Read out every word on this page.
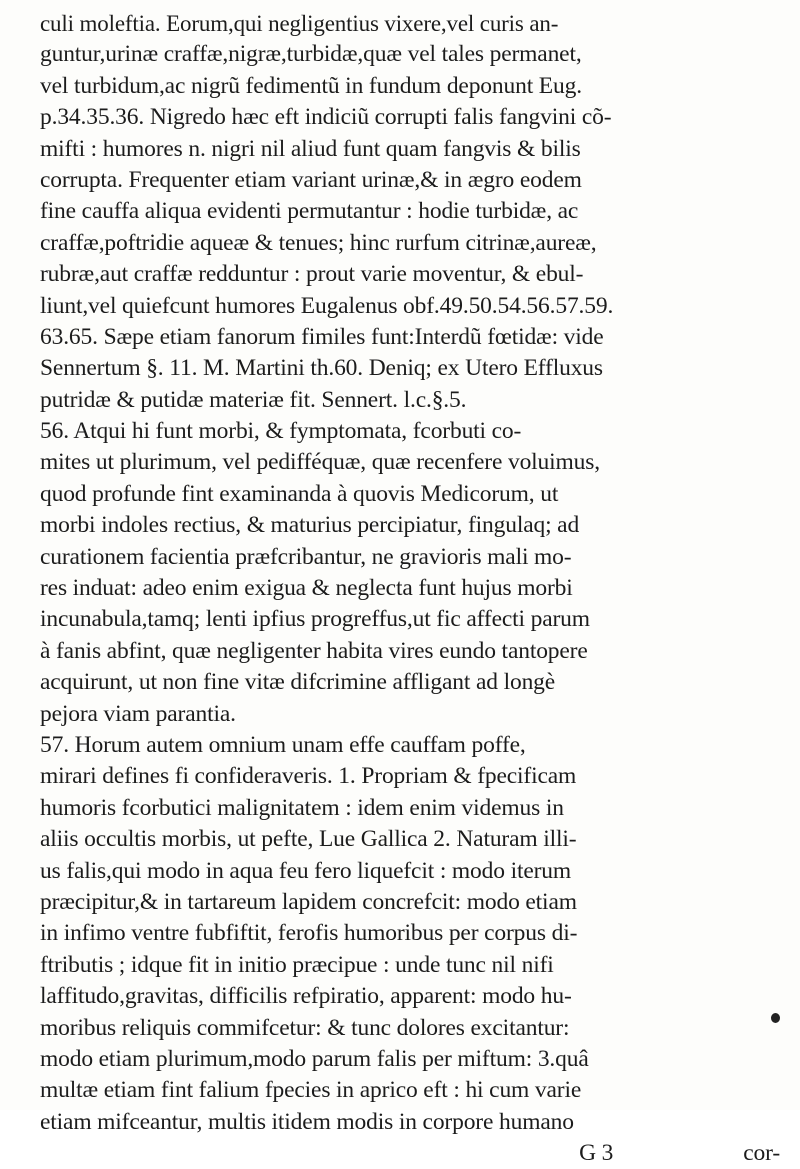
culi moleftia. Eorum,qui negligentius vixere,vel curis an-
guntur,urinæ craffæ,nigræ,turbidæ,quæ vel tales permanet,
vel turbidum,ac nigrũ fedimentũ in fundum deponunt Eug.
p.34.35.36. Nigredo hæc eft indiciũ corrupti falis fangvini cõ-
mifti : humores n. nigri nil aliud funt quam fangvis & bilis
corrupta. Frequenter etiam variant urinæ,& in ægro eodem
fine cauffa aliqua evidenti permutantur : hodie turbidæ, ac
craffæ,poftridie aqueæ & tenues; hinc rurfum citrinæ,aureæ,
rubræ,aut craffæ redduntur : prout varie moventur, & ebul-
liunt,vel quiefcunt humores Eugalenus obf.49.50.54.56.57.59.
63.65. Sæpe etiam fanorum fimiles funt:Interdũ fœtidæ: vide
Sennertum §. 11. M. Martini th.60. Deniq; ex Utero Effluxus
putridæ & putidæ materiæ fit. Sennert. l.c.§.5.
56. Atqui hi funt morbi, & fymptomata, fcorbuti co-
mites ut plurimum, vel pedifféquæ, quæ recenfere voluimus,
quod profunde fint examinanda à quovis Medicorum, ut
morbi indoles rectius, & maturius percipiatur, fingulaq; ad
curationem facientia præfcribantur, ne gravioris mali mo-
res induat: adeo enim exigua & neglecta funt hujus morbi
incunabula,tamq; lenti ipfius progreffus,ut fic affecti parum
à fanis abfint, quæ negligenter habita vires eundo tantopere
acquirunt, ut non fine vitæ difcrimine affligant ad longè
pejora viam parantia.
57. Horum autem omnium unam effe cauffam poffe,
mirari defines fi confideraveris. 1. Propriam & fpecificam
humoris fcorbutici malignitatem : idem enim videmus in
aliis occultis morbis, ut pefte, Lue Gallica 2. Naturam illi-
us falis,qui modo in aqua feu fero liquefcit : modo iterum
præcipitur,& in tartareum lapidem concrefcit: modo etiam
in infimo ventre fubfiftit, ferofis humoribus per corpus di-
ftributis ; idque fit in initio præcipue : unde tunc nil nifi
laffitudo,gravitas, difficilis refpiratio, apparent: modo hu-
moribus reliquis commifcetur: & tunc dolores excitantur:
modo etiam plurimum,modo parum falis per miftum: 3.quâ
multæ etiam fint falium fpecies in aprico eft : hi cum varie
etiam mifceantur, multis itidem modis in corpore humano
G 3	cor-
